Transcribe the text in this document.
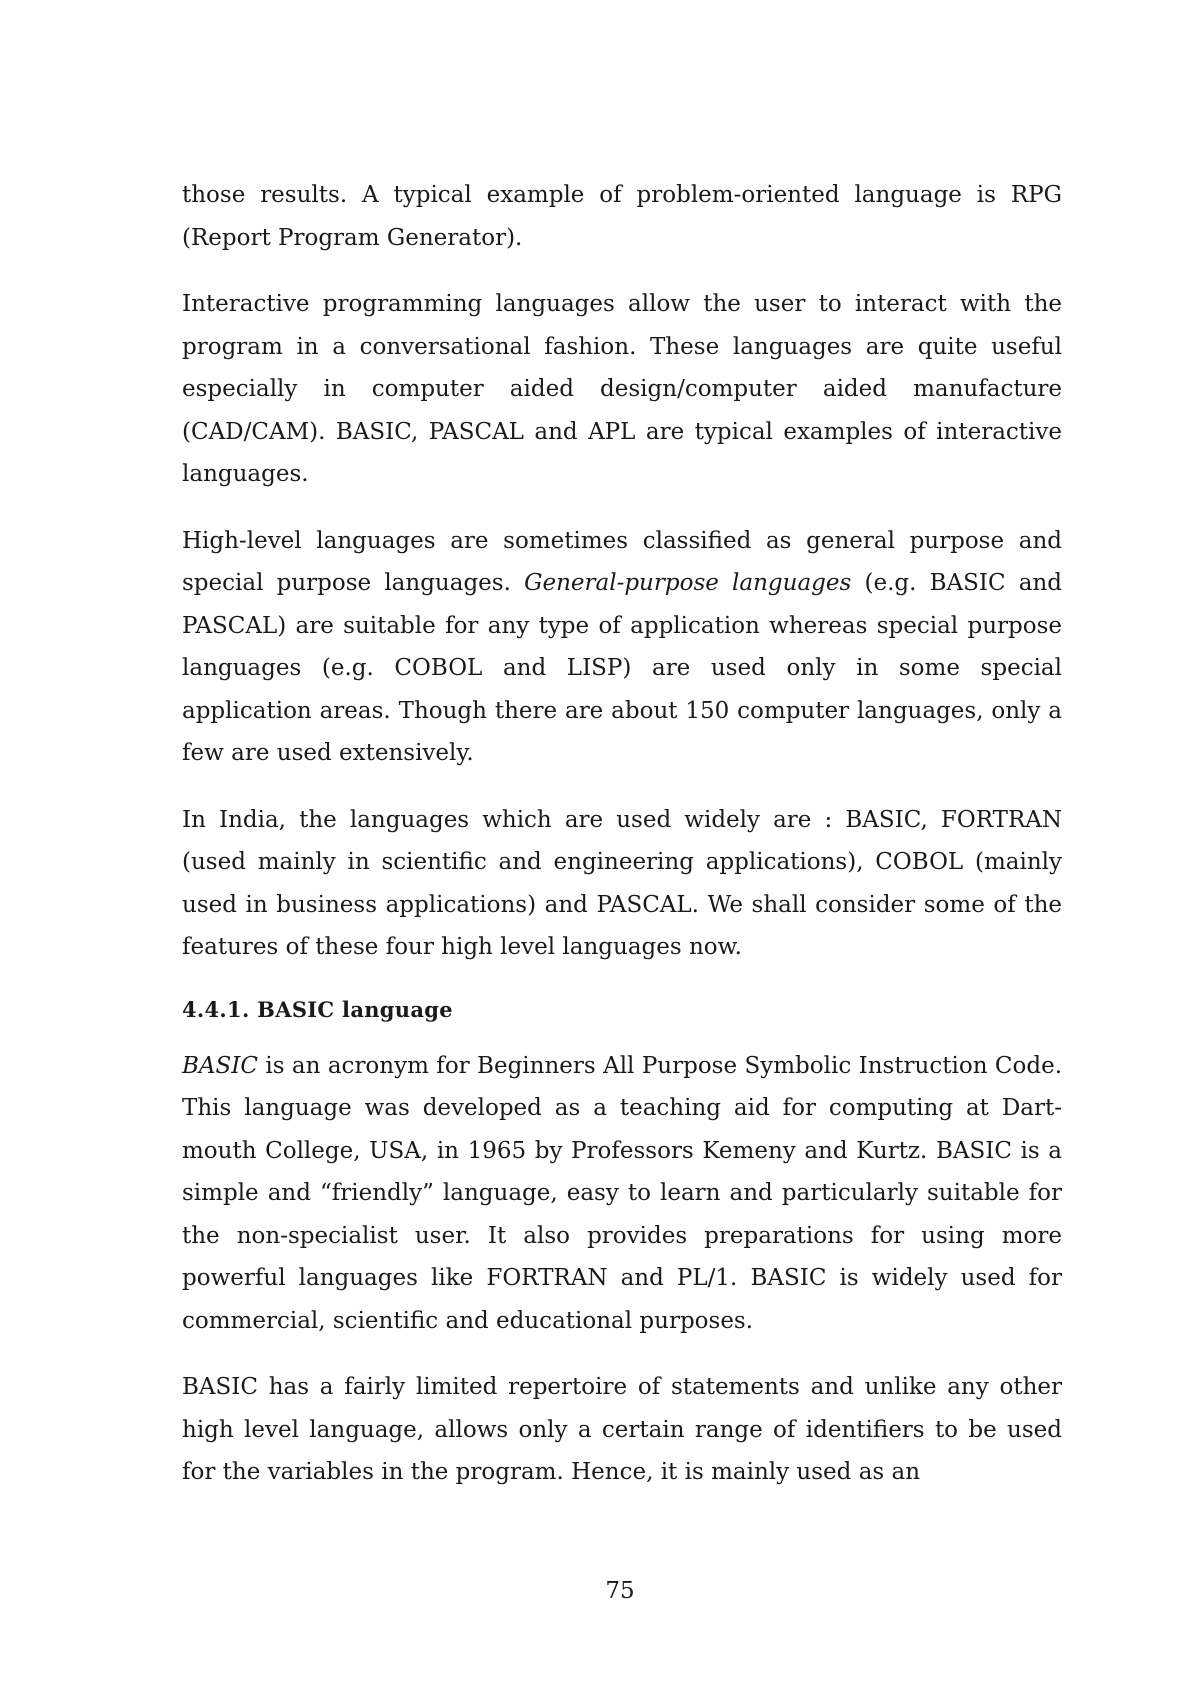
those results. A typical example of problem-oriented language is RPG (Report Program Generator).

Interactive programming languages allow the user to interact with the program in a conversational fashion. These languages are quite useful especially in computer aided design/computer aided manufacture (CAD/CAM). BASIC, PASCAL and APL are typical examples of interactive languages.

High-level languages are sometimes classified as general purpose and special purpose languages. General-purpose languages (e.g. BASIC and PASCAL) are suitable for any type of application whereas special purpose languages (e.g. COBOL and LISP) are used only in some special application areas. Though there are about 150 computer languages, only a few are used extensively.

In India, the languages which are used widely are : BASIC, FORTRAN (used mainly in scientific and engineering applications), COBOL (mainly used in business applications) and PASCAL. We shall consider some of the features of these four high level languages now.

4.4.1. BASIC language

BASIC is an acronym for Beginners All Purpose Symbolic Instruction Code. This language was developed as a teaching aid for computing at Dart-mouth College, USA, in 1965 by Professors Kemeny and Kurtz. BASIC is a simple and “friendly” language, easy to learn and particularly suitable for the non-specialist user. It also provides preparations for using more powerful languages like FORTRAN and PL/1. BASIC is widely used for commercial, scientific and educational purposes.

BASIC has a fairly limited repertoire of statements and unlike any other high level language, allows only a certain range of identifiers to be used for the variables in the program. Hence, it is mainly used as an

75
